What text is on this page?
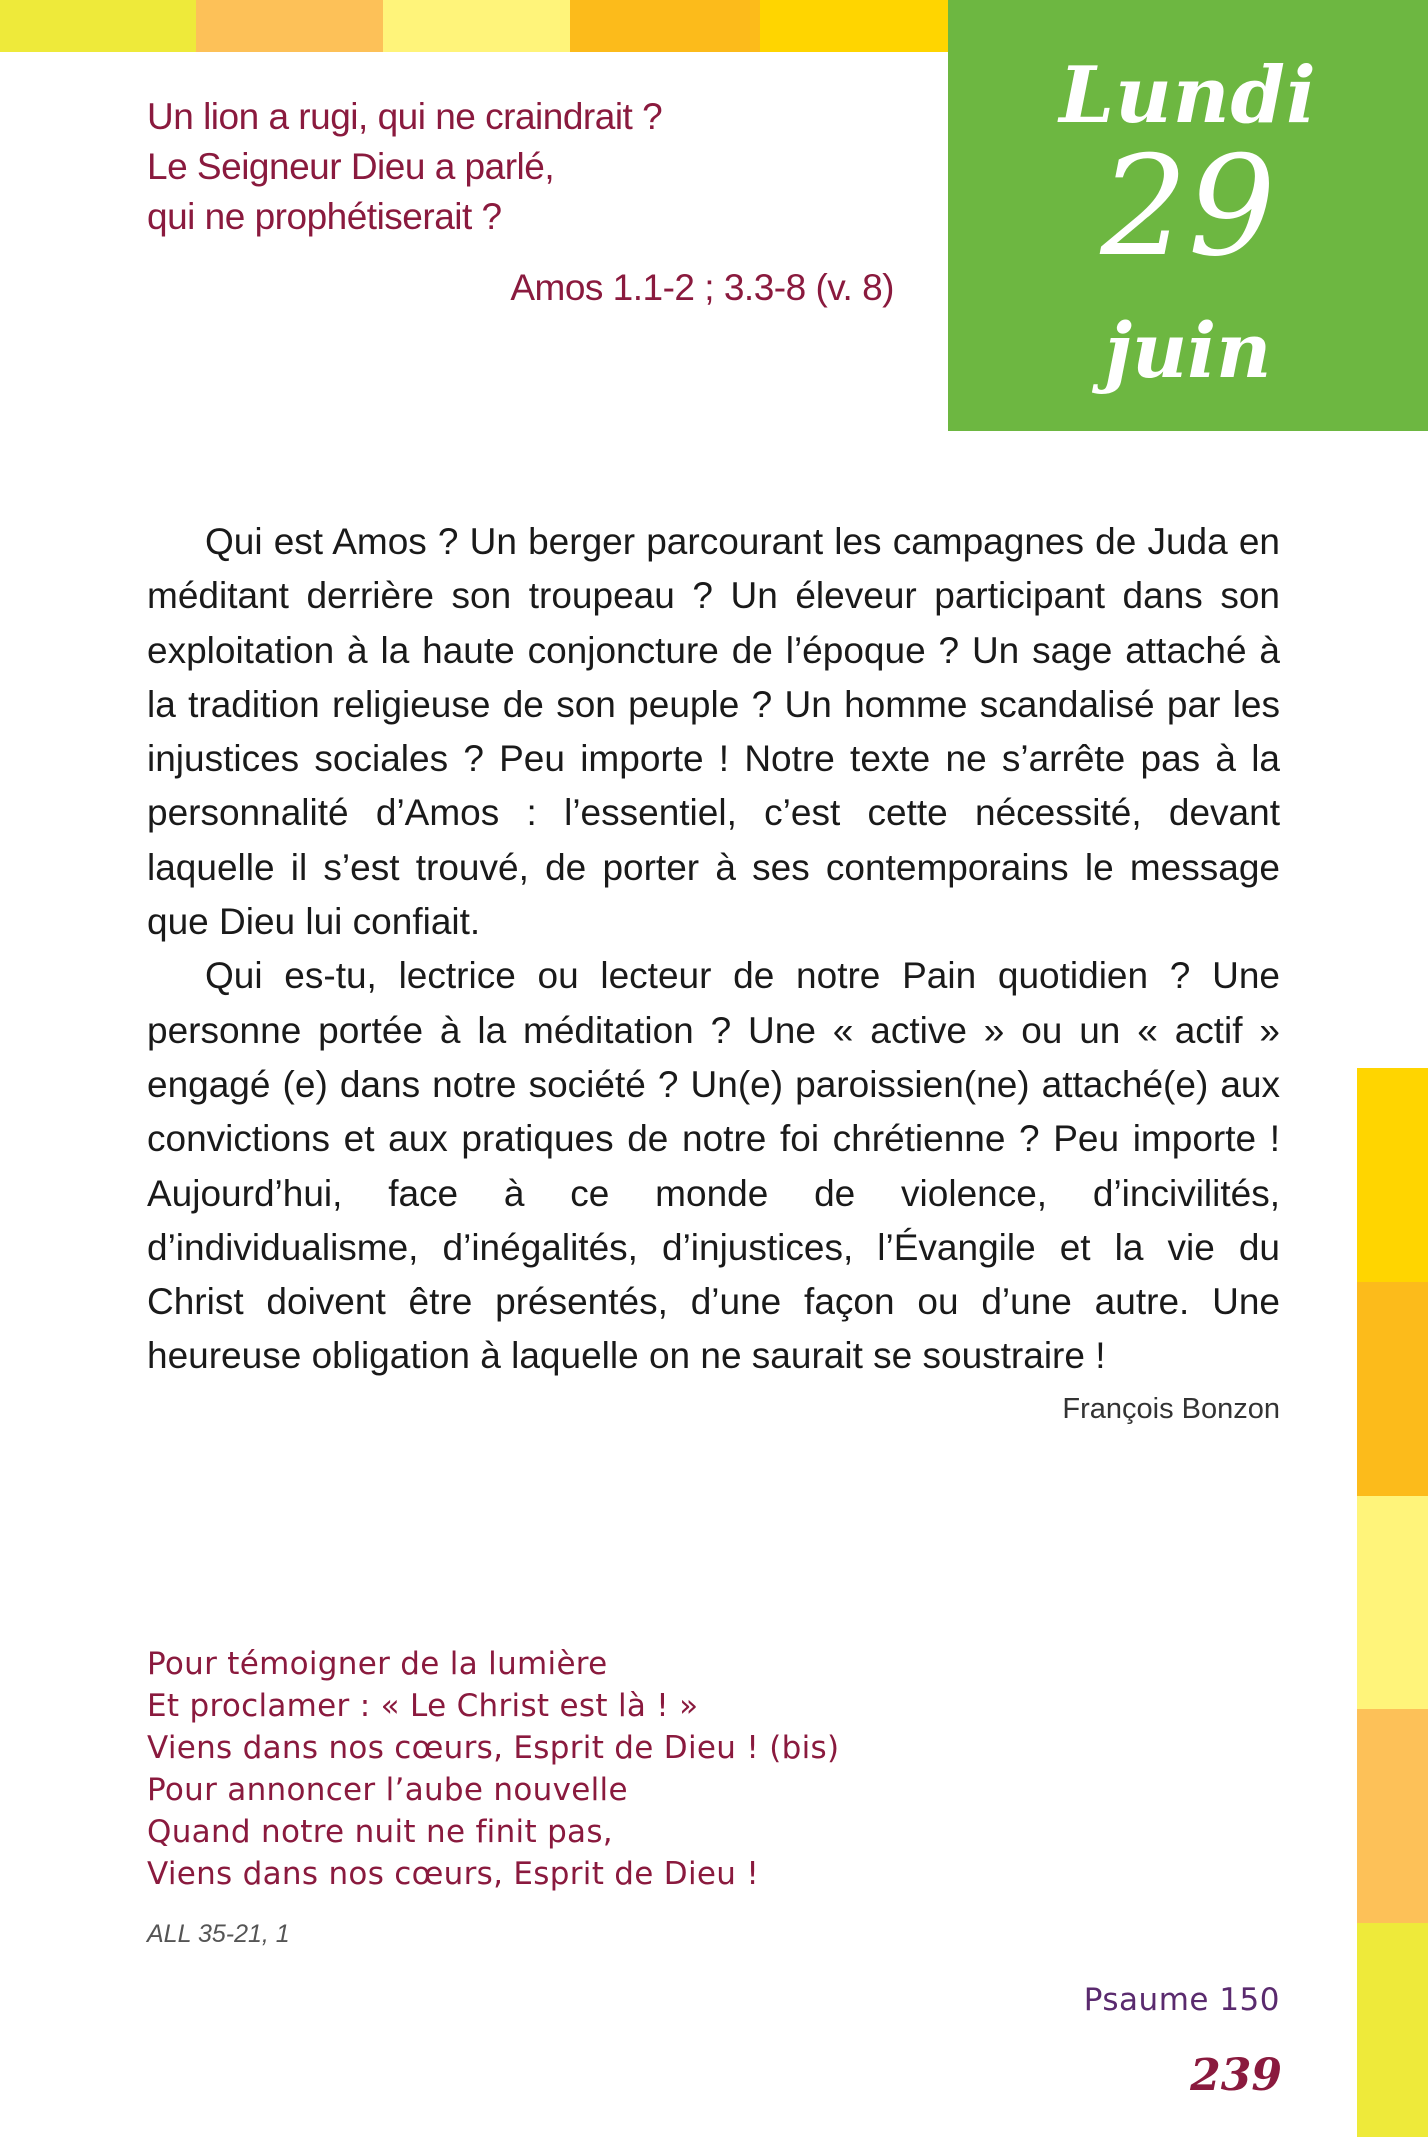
Lundi
29
juin
Un lion a rugi, qui ne craindrait ?
Le Seigneur Dieu a parlé,
qui ne prophétiserait ?
Amos 1.1-2 ; 3.3-8 (v. 8)

Qui est Amos ? Un berger parcourant les campagnes de Juda en méditant derrière son troupeau ? Un éleveur participant dans son exploitation à la haute conjoncture de l’époque ? Un sage attaché à la tradition religieuse de son peuple ? Un homme scandalisé par les injustices sociales ? Peu importe ! Notre texte ne s’arrête pas à la personnalité d’Amos : l’essentiel, c’est cette nécessité, devant laquelle il s’est trouvé, de porter à ses contemporains le message que Dieu lui confiait.

Qui es-tu, lectrice ou lecteur de notre Pain quotidien ? Une personne portée à la méditation ? Une « active » ou un « actif » engagé (e) dans notre société ? Un(e) paroissien(ne) attaché(e) aux convictions et aux pratiques de notre foi chrétienne ? Peu importe ! Aujourd’hui, face à ce monde de violence, d’incivilités, d’individualisme, d’inégalités, d’injustices, l’Évangile et la vie du Christ doivent être présentés, d’une façon ou d’une autre. Une heureuse obligation à laquelle on ne saurait se soustraire !

François Bonzon
Pour témoigner de la lumière
Et proclamer : « Le Christ est là ! »
Viens dans nos cœurs, Esprit de Dieu ! (bis)
Pour annoncer l’aube nouvelle
Quand notre nuit ne finit pas,
Viens dans nos cœurs, Esprit de Dieu !
ALL 35-21, 1
Psaume 150
239
